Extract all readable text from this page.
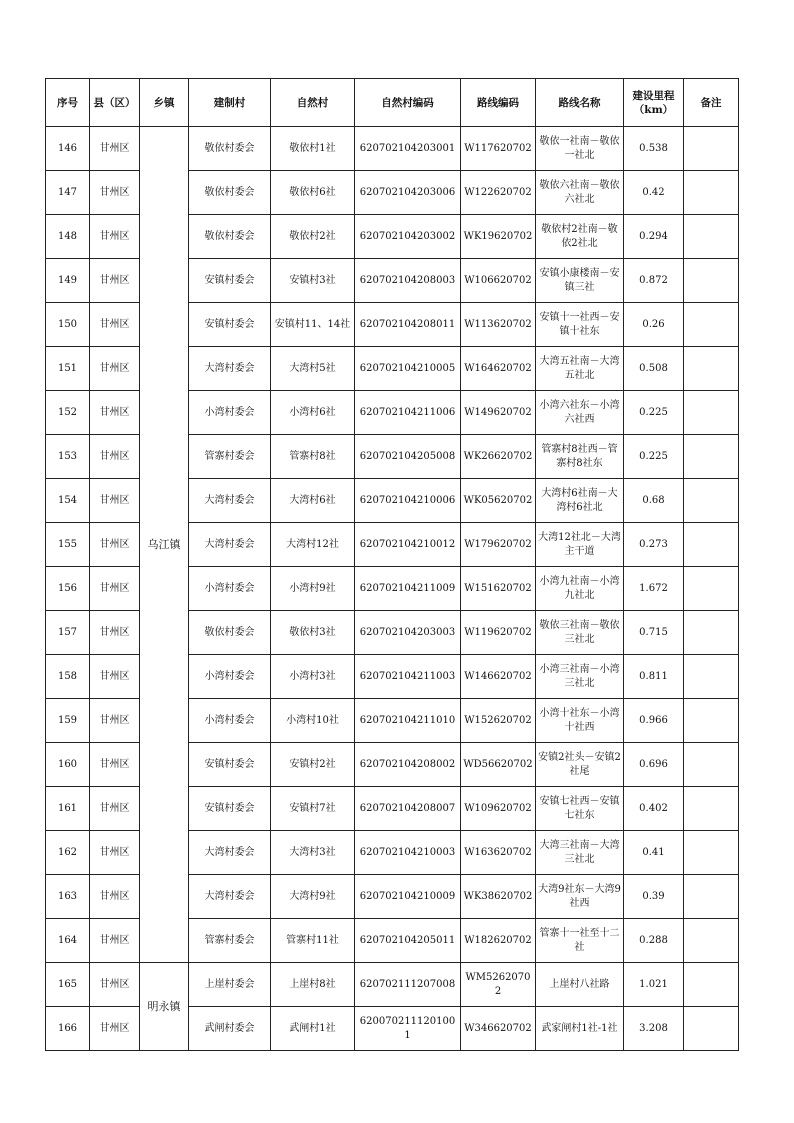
序号	县（区）	乡镇	建制村	自然村	自然村编码	路线编码	路线名称	建设里程（km）	备注
146	甘州区	乌江镇	敬依村委会	敬依村1社	620702104203001	W117620702	敬依一社南－敬依一社北	0.538	
147	甘州区		敬依村委会	敬依村6社	620702104203006	W122620702	敬依六社南－敬依六社北	0.42	
148	甘州区		敬依村委会	敬依村2社	620702104203002	WK19620702	敬依村2社南－敬依2社北	0.294	
149	甘州区		安镇村委会	安镇村3社	620702104208003	W106620702	安镇小康楼南－安镇三社	0.872	
150	甘州区		安镇村委会	安镇村11、14社	620702104208011	W113620702	安镇十一社西－安镇十社东	0.26	
151	甘州区		大湾村委会	大湾村5社	620702104210005	W164620702	大湾五社南－大湾五社北	0.508	
152	甘州区		小湾村委会	小湾村6社	620702104211006	W149620702	小湾六社东－小湾六社西	0.225	
153	甘州区		管寨村委会	管寨村8社	620702104205008	WK26620702	管寨村8社西－管寨村8社东	0.225	
154	甘州区		大湾村委会	大湾村6社	620702104210006	WK05620702	大湾村6社南－大湾村6社北	0.68	
155	甘州区		大湾村委会	大湾村12社	620702104210012	W179620702	大湾12社北－大湾主干道	0.273	
156	甘州区		小湾村委会	小湾村9社	620702104211009	W151620702	小湾九社南－小湾九社北	1.672	
157	甘州区		敬依村委会	敬依村3社	620702104203003	W119620702	敬依三社南－敬依三社北	0.715	
158	甘州区		小湾村委会	小湾村3社	620702104211003	W146620702	小湾三社南－小湾三社北	0.811	
159	甘州区		小湾村委会	小湾村10社	620702104211010	W152620702	小湾十社东－小湾十社西	0.966	
160	甘州区		安镇村委会	安镇村2社	620702104208002	WD56620702	安镇2社头－安镇2社尾	0.696	
161	甘州区		安镇村委会	安镇村7社	620702104208007	W109620702	安镇七社西－安镇七社东	0.402	
162	甘州区		大湾村委会	大湾村3社	620702104210003	W163620702	大湾三社南－大湾三社北	0.41	
163	甘州区		大湾村委会	大湾村9社	620702104210009	WK38620702	大湾9社东－大湾9社西	0.39	
164	甘州区		管寨村委会	管寨村11社	620702104205011	W182620702	管寨十一社至十二社	0.288	
165	甘州区	明永镇	上崖村委会	上崖村8社	620702111207008	WM52620702	上崖村八社路	1.021	
166	甘州区		武闸村委会	武闸村1社	6200702111201001	W346620702	武家闸村1社-1社	3.208	
